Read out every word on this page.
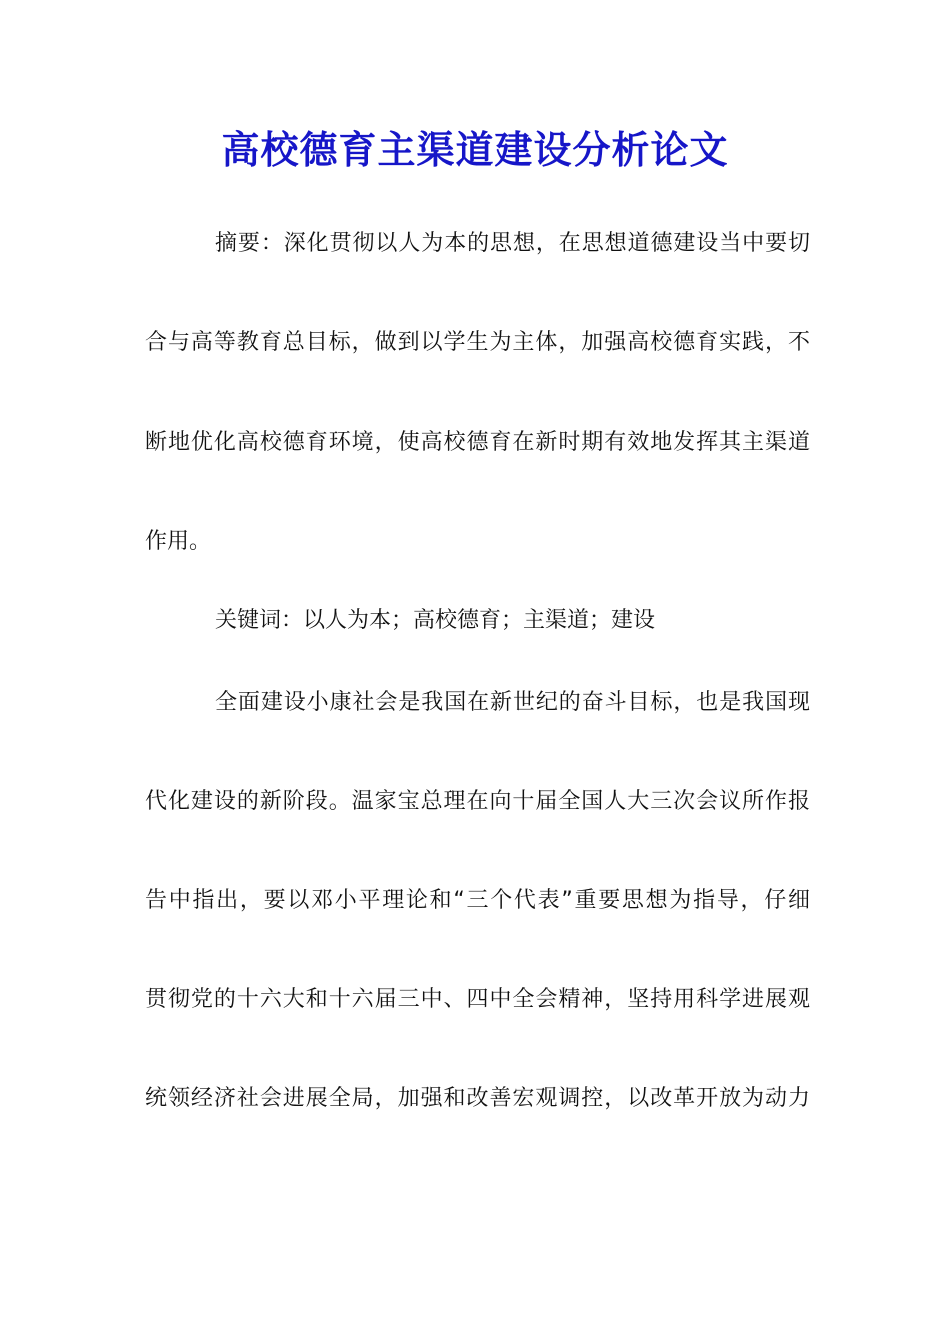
高校德育主渠道建设分析论文

摘要：深化贯彻以人为本的思想，在思想道德建设当中要切

合与高等教育总目标，做到以学生为主体，加强高校德育实践，不

断地优化高校德育环境，使高校德育在新时期有效地发挥其主渠道

作用。

关键词：以人为本；高校德育；主渠道；建设

全面建设小康社会是我国在新世纪的奋斗目标，也是我国现

代化建设的新阶段。温家宝总理在向十届全国人大三次会议所作报

告中指出，要以邓小平理论和“三个代表”重要思想为指导，仔细

贯彻党的十六大和十六届三中、四中全会精神，坚持用科学进展观

统领经济社会进展全局，加强和改善宏观调控，以改革开放为动力
